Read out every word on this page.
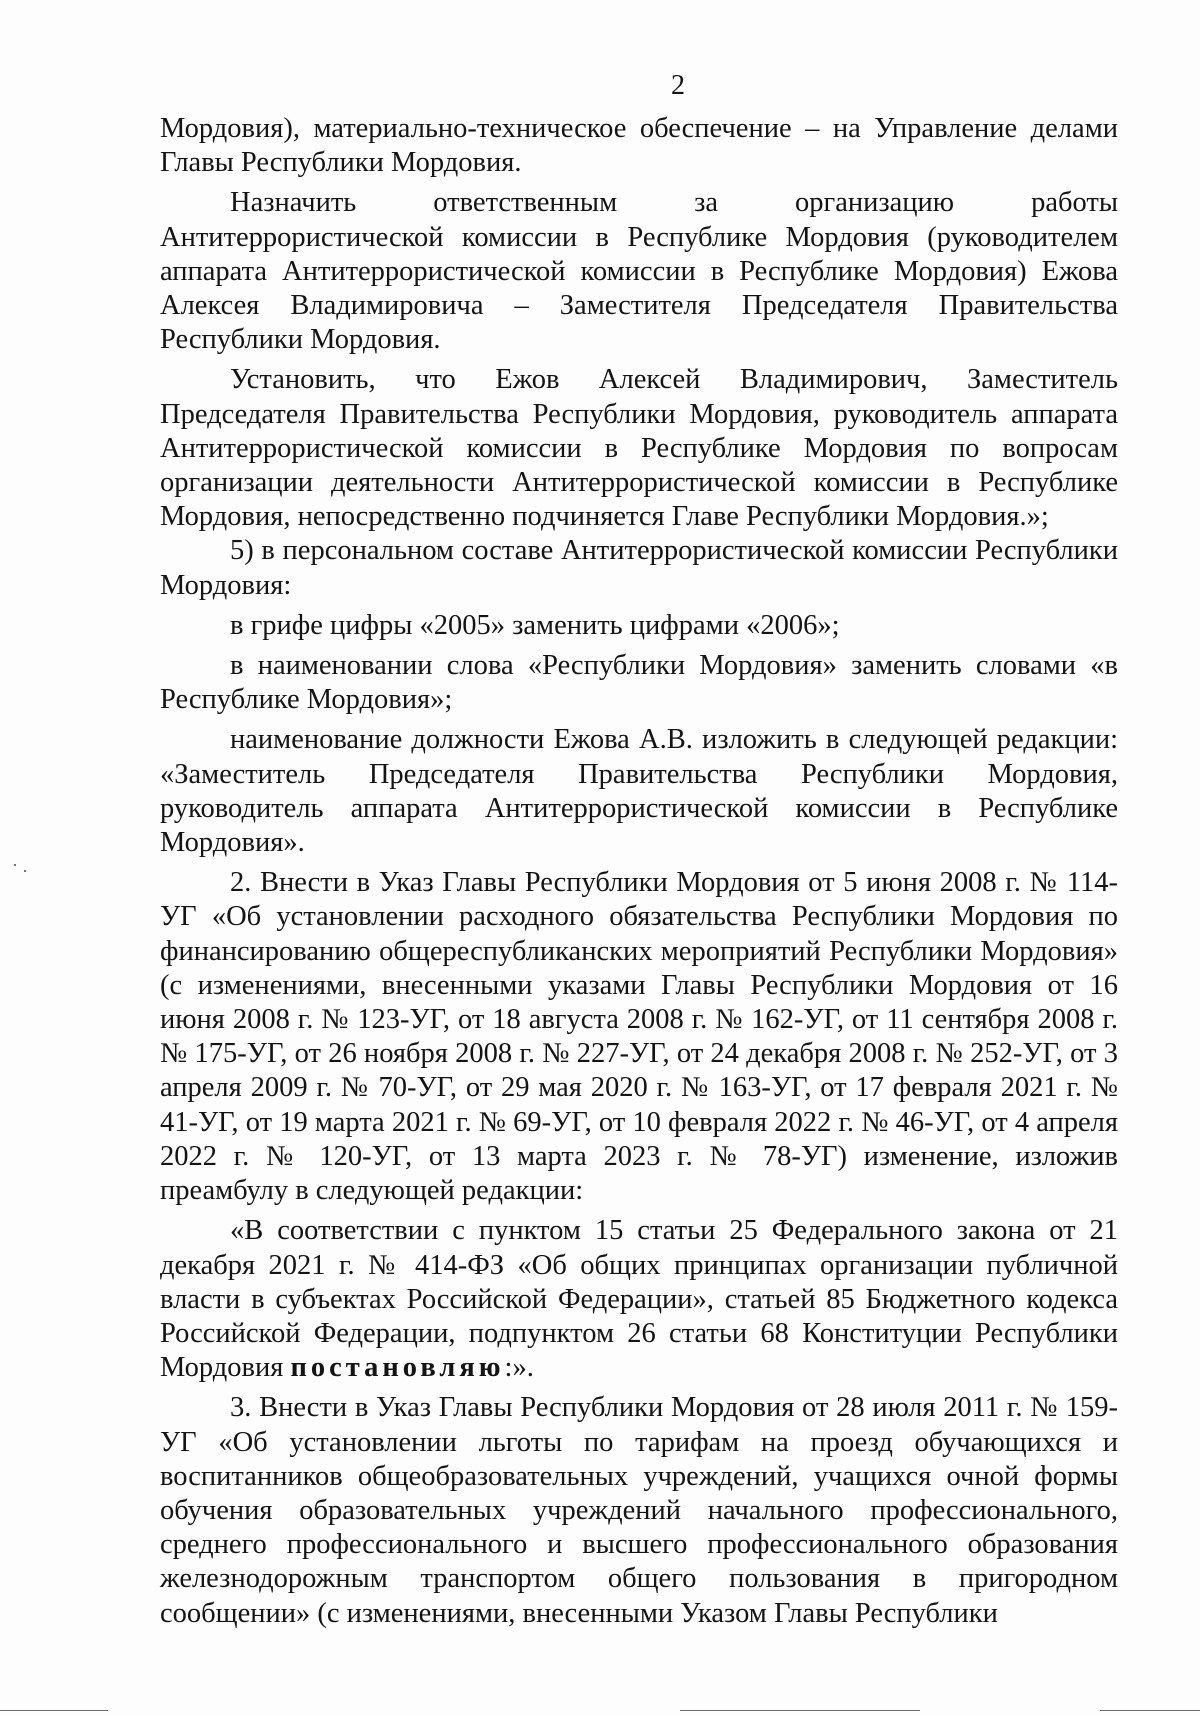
2

Мордовия), материально-техническое обеспечение – на Управление делами Главы Республики Мордовия.

Назначить ответственным за организацию работы Антитеррористической комиссии в Республике Мордовия (руководителем аппарата Антитеррористической комиссии в Республике Мордовия) Ежова Алексея Владимировича – Заместителя Председателя Правительства Республики Мордовия.

Установить, что Ежов Алексей Владимирович, Заместитель Председателя Правительства Республики Мордовия, руководитель аппарата Антитеррористической комиссии в Республике Мордовия по вопросам организации деятельности Антитеррористической комиссии в Республике Мордовия, непосредственно подчиняется Главе Республики Мордовия.»;

5) в персональном составе Антитеррористической комиссии Республики Мордовия:

в грифе цифры «2005» заменить цифрами «2006»;

в наименовании слова «Республики Мордовия» заменить словами «в Республике Мордовия»;

наименование должности Ежова А.В. изложить в следующей редакции: «Заместитель Председателя Правительства Республики Мордовия, руководитель аппарата Антитеррористической комиссии в Республике Мордовия».

2. Внести в Указ Главы Республики Мордовия от 5 июня 2008 г. № 114-УГ «Об установлении расходного обязательства Республики Мордовия по финансированию общереспубликанских мероприятий Республики Мордовия» (с изменениями, внесенными указами Главы Республики Мордовия от 16 июня 2008 г. № 123-УГ, от 18 августа 2008 г. № 162-УГ, от 11 сентября 2008 г. № 175-УГ, от 26 ноября 2008 г. № 227-УГ, от 24 декабря 2008 г. № 252-УГ, от 3 апреля 2009 г. № 70-УГ, от 29 мая 2020 г. № 163-УГ, от 17 февраля 2021 г. № 41-УГ, от 19 марта 2021 г. № 69-УГ, от 10 февраля 2022 г. № 46-УГ, от 4 апреля 2022 г. № 120-УГ, от 13 марта 2023 г. № 78-УГ) изменение, изложив преамбулу в следующей редакции:

«В соответствии с пунктом 15 статьи 25 Федерального закона от 21 декабря 2021 г. № 414-ФЗ «Об общих принципах организации публичной власти в субъектах Российской Федерации», статьей 85 Бюджетного кодекса Российской Федерации, подпунктом 26 статьи 68 Конституции Республики Мордовия постановляю:».

3. Внести в Указ Главы Республики Мордовия от 28 июля 2011 г. № 159-УГ «Об установлении льготы по тарифам на проезд обучающихся и воспитанников общеобразовательных учреждений, учащихся очной формы обучения образовательных учреждений начального профессионального, среднего профессионального и высшего профессионального образования железнодорожным транспортом общего пользования в пригородном сообщении» (с изменениями, внесенными Указом Главы Республики
